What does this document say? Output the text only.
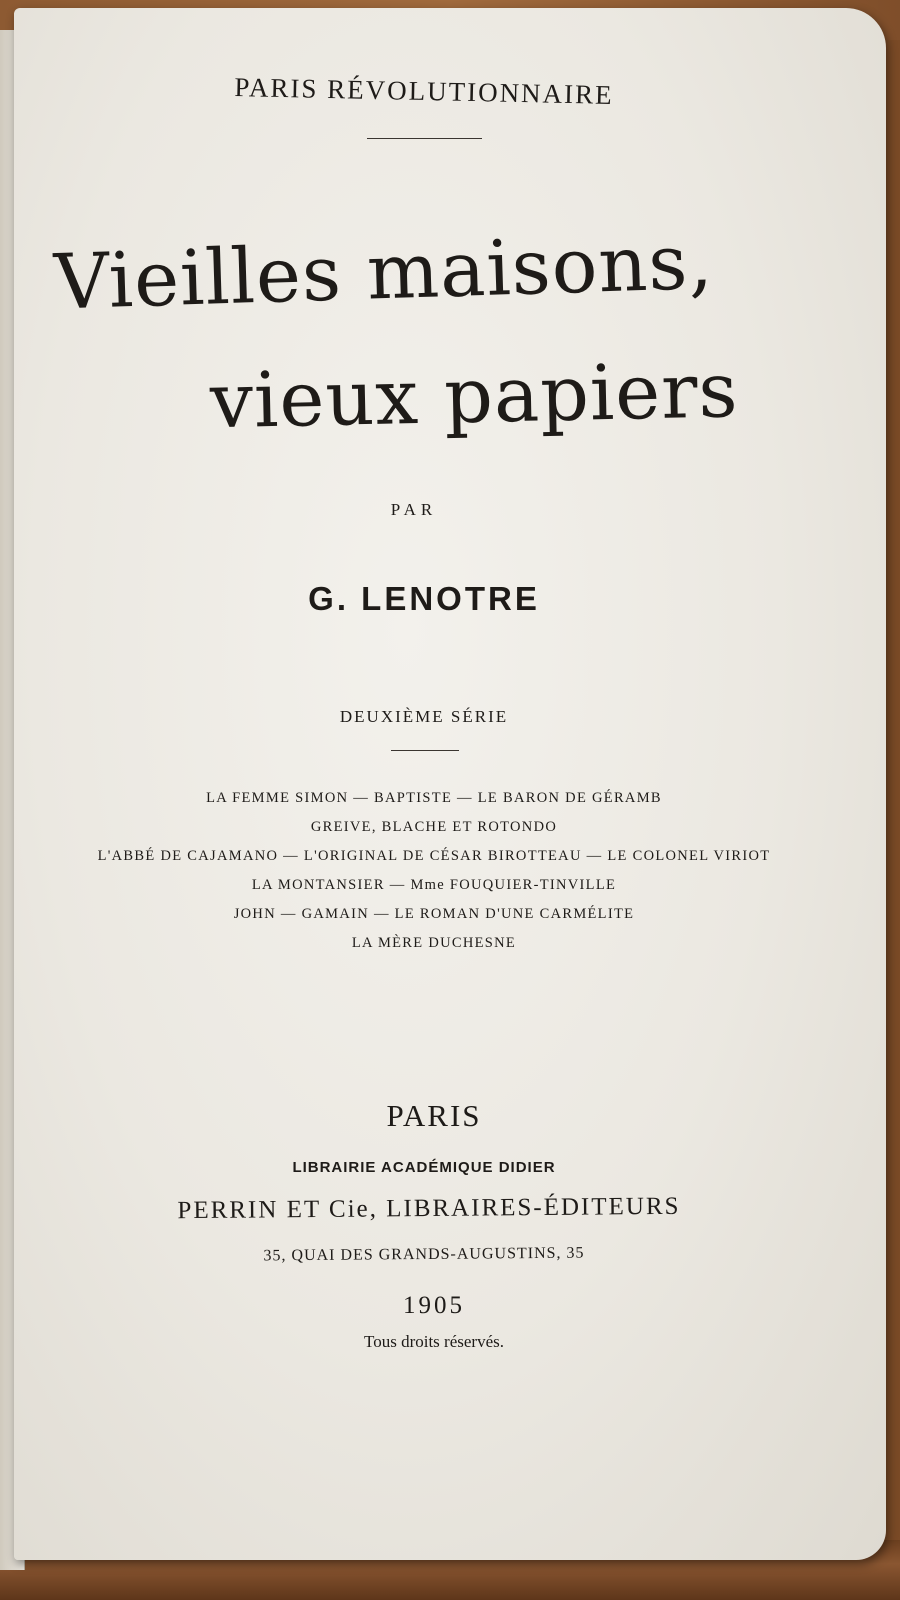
PARIS RÉVOLUTIONNAIRE
Vieilles maisons,
vieux papiers
PAR
G. LENOTRE
DEUXIÈME SÉRIE
LA FEMME SIMON — BAPTISTE — LE BARON DE GÉRAMB
GREIVE, BLACHE ET ROTONDO
L'ABBÉ DE CAJAMANO — L'ORIGINAL DE CÉSAR BIROTTEAU — LE COLONEL VIRIOT
LA MONTANSIER — Mme FOUQUIER-TINVILLE
JOHN — GAMAIN — LE ROMAN D'UNE CARMÉLITE
LA MÈRE DUCHESNE
PARIS
LIBRAIRIE ACADÉMIQUE DIDIER
PERRIN ET Cie, LIBRAIRES-ÉDITEURS
35, QUAI DES GRANDS-AUGUSTINS, 35
1905
Tous droits réservés.
